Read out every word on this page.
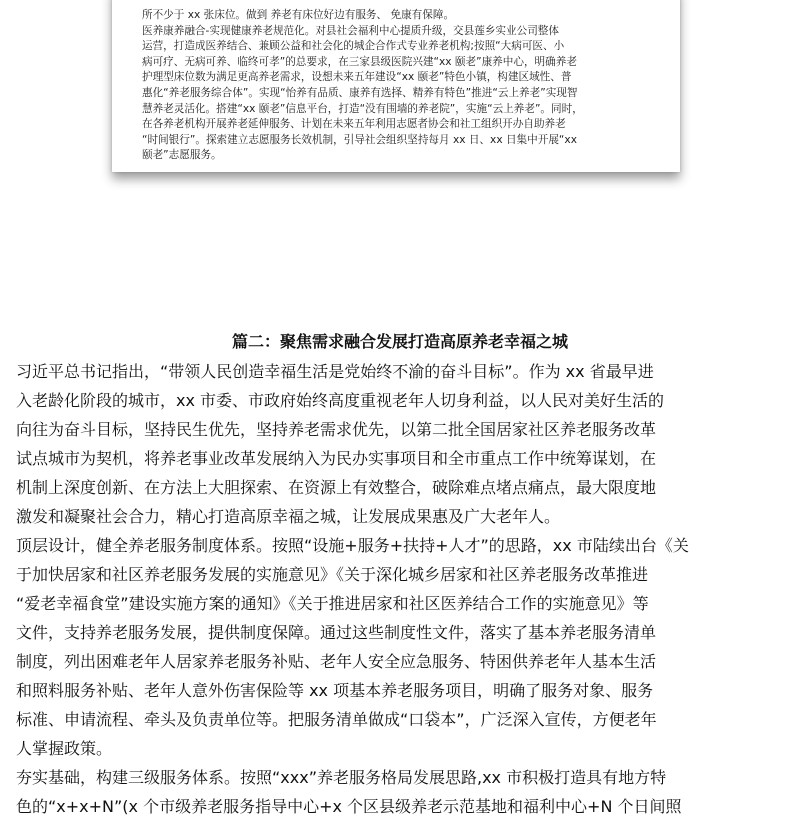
所不少于 xx 张床位。做到 养老有床位好边有服务、 免康有保障。
医养康养融合-实现健康养老规范化。对县社会福利中心提质升级，交县莲乡实业公司整体
运营，打造成医养结合、兼顾公益和社会化的城企合作式专业养老机构;按照“大病可医、小
病可疗、无病可养、临终可孝”的总要求，在三家县级医院兴建“xx 颐老”康养中心，明确养老
护理型床位数为满足更高养老需求，设想未来五年建设“xx 颐老”特色小镇，构建区域性、普
惠化“养老服务综合体”。实现“怡养有品质、康养有选择、精养有特色”推进“云上养老”实现智
慧养老灵活化。搭建“xx 颐老”信息平台，打造“没有围墙的养老院”，实施“云上养老”。同时，
在各养老机构开展养老延伸服务、计划在未来五年利用志愿者协会和社工组织开办自助养老
“时间银行”。探索建立志愿服务长效机制，引导社会组织坚持每月 xx 日、xx 日集中开展“xx
颐老”志愿服务。
篇二：聚焦需求融合发展打造高原养老幸福之城
习近平总书记指出，“带领人民创造幸福生活是党始终不渝的奋斗目标”。作为 xx 省最早进
入老龄化阶段的城市，xx 市委、市政府始终高度重视老年人切身利益，以人民对美好生活的
向往为奋斗目标，坚持民生优先，坚持养老需求优先，以第二批全国居家社区养老服务改革
试点城市为契机，将养老事业改革发展纳入为民办实事项目和全市重点工作中统筹谋划，在
机制上深度创新、在方法上大胆探索、在资源上有效整合，破除难点堵点痛点，最大限度地
激发和凝聚社会合力，精心打造高原幸福之城，让发展成果惠及广大老年人。
顶层设计，健全养老服务制度体系。按照“设施+服务+扶持+人才”的思路，xx 市陆续出台《关
于加快居家和社区养老服务发展的实施意见》《关于深化城乡居家和社区养老服务改革推进
“爱老幸福食堂”建设实施方案的通知》《关于推进居家和社区医养结合工作的实施意见》等
文件，支持养老服务发展，提供制度保障。通过这些制度性文件，落实了基本养老服务清单
制度，列出困难老年人居家养老服务补贴、老年人安全应急服务、特困供养老年人基本生活
和照料服务补贴、老年人意外伤害保险等 xx 项基本养老服务项目，明确了服务对象、服务
标准、申请流程、牵头及负责单位等。把服务清单做成“口袋本”，广泛深入宣传，方便老年
人掌握政策。
夯实基础，构建三级服务体系。按照“xxx”养老服务格局发展思路,xx 市积极打造具有地方特
色的“x+x+N”(x 个市级养老服务指导中心+x 个区县级养老示范基地和福利中心+N 个日间照
